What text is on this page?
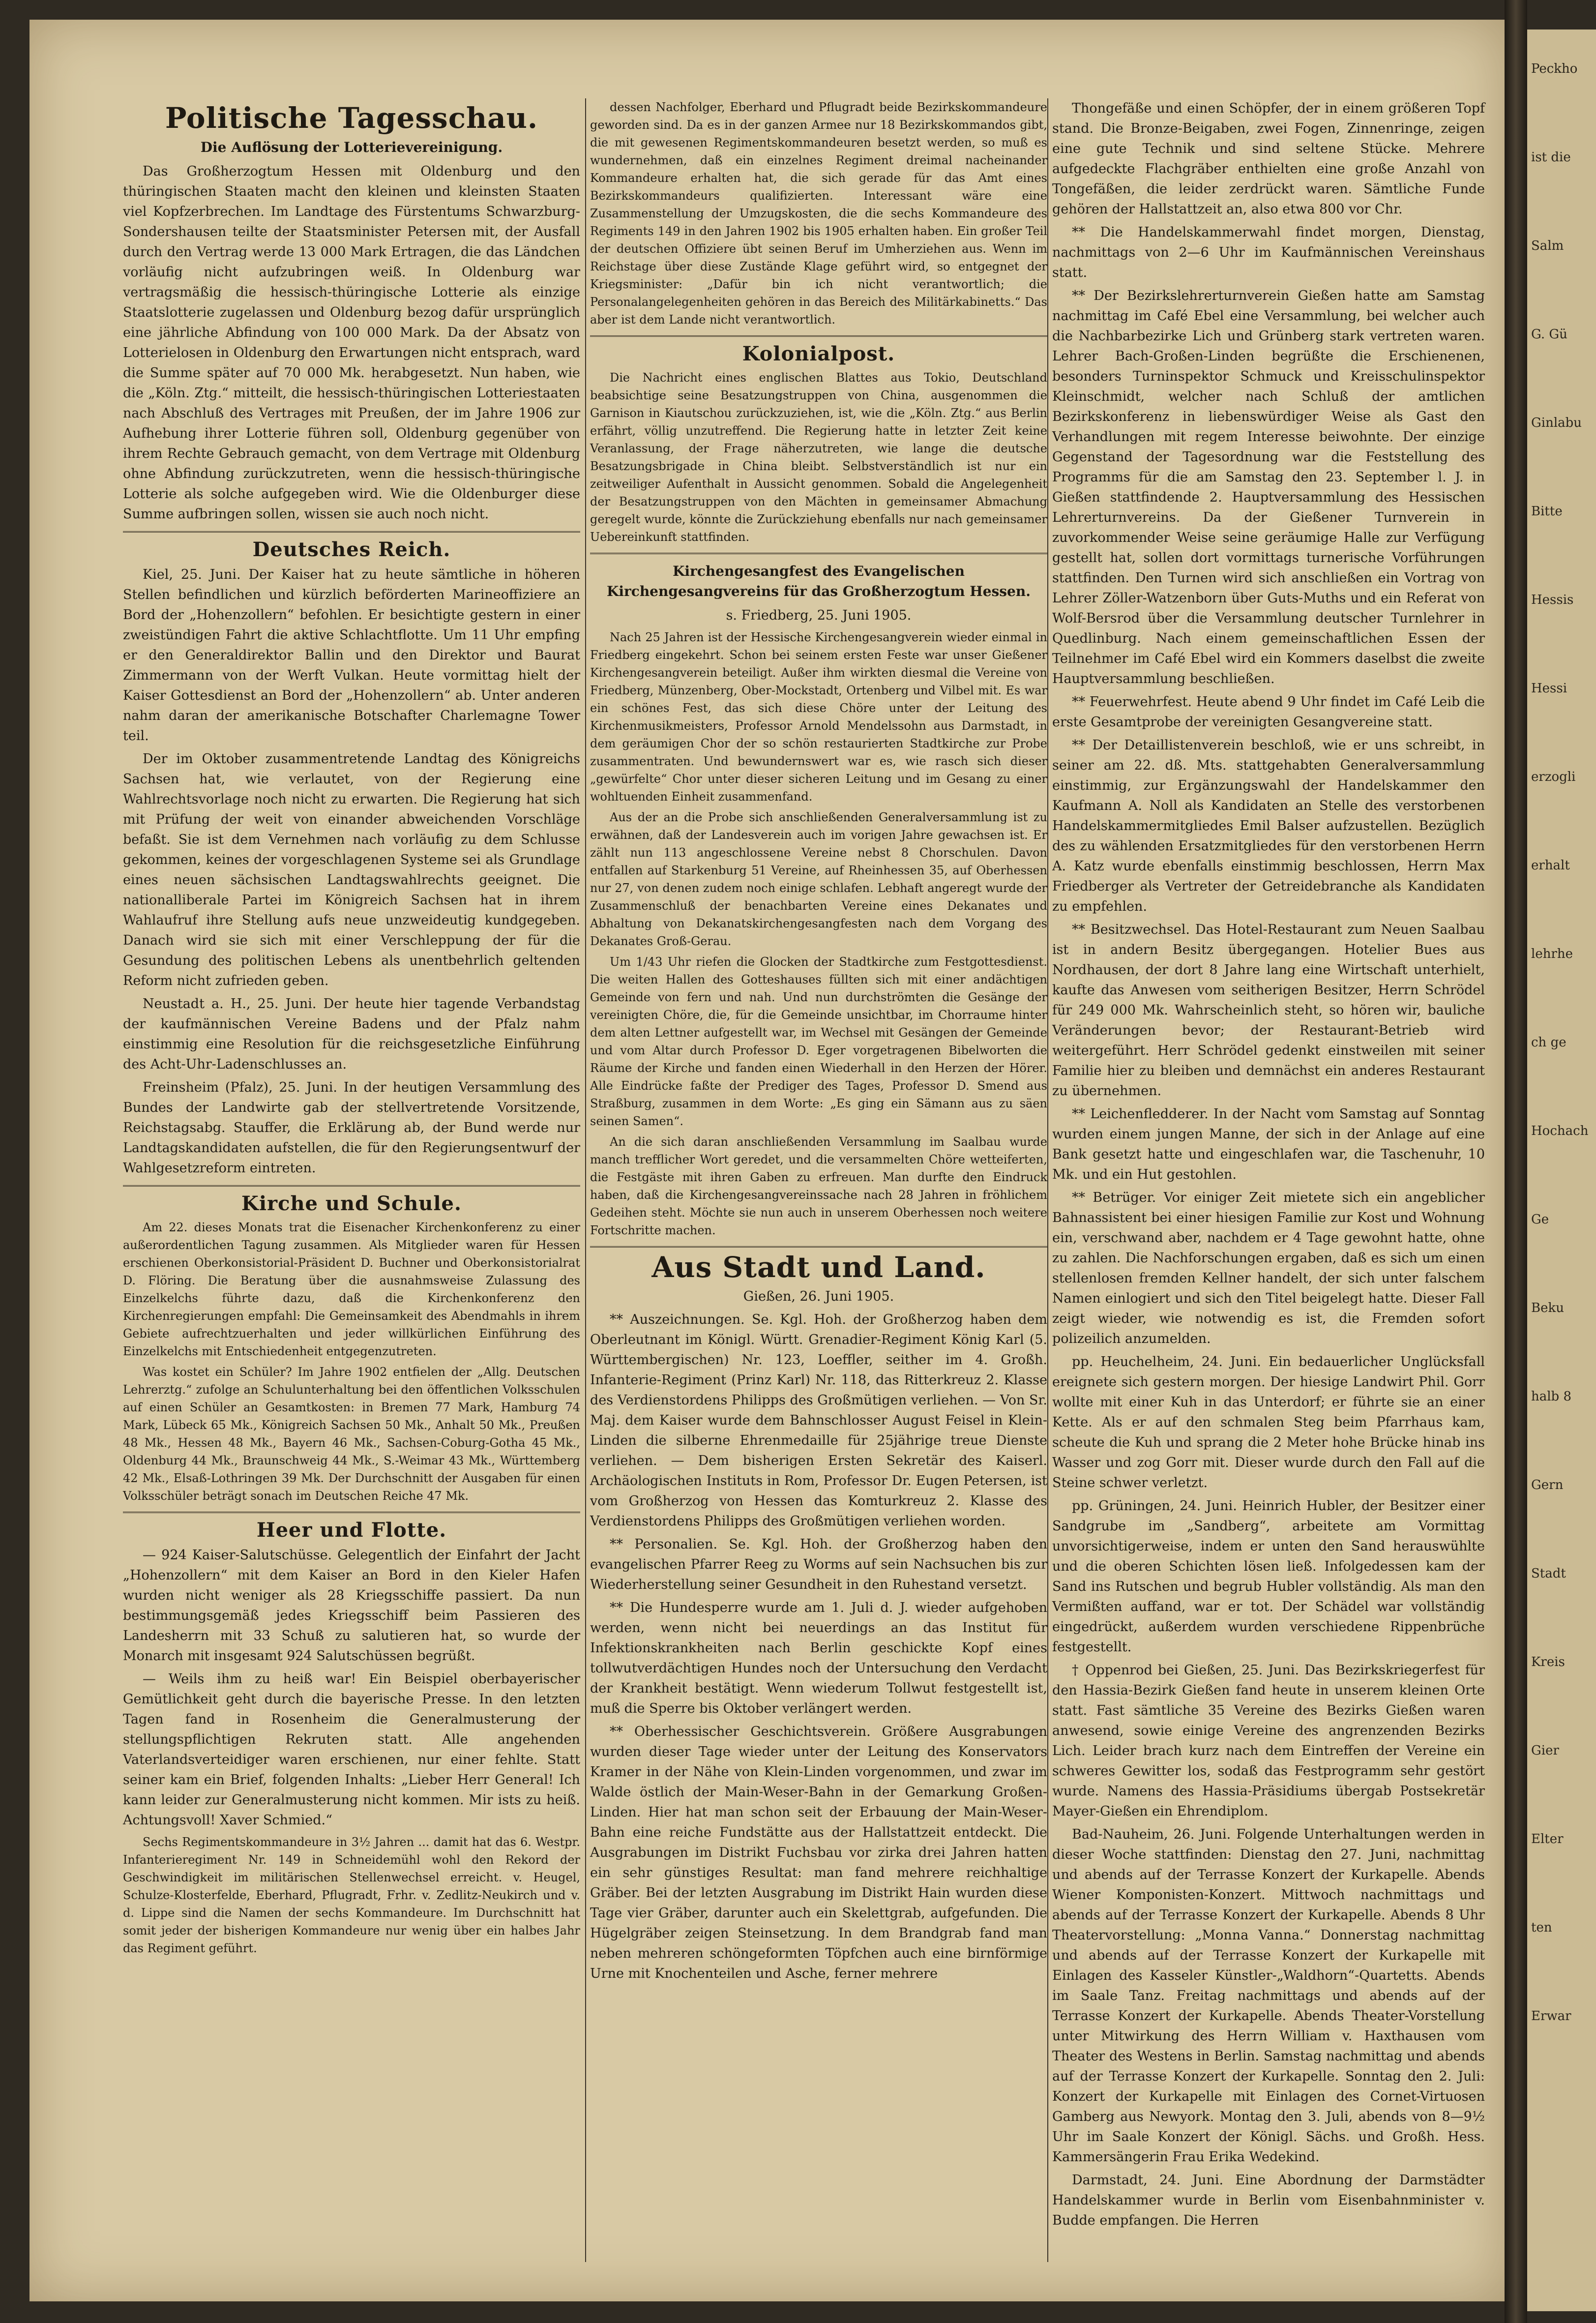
Peckho
ist die
Salm
G. Gü
Ginlabu
Bitte
Hessis
Hessi
erzogli
erhalt
lehrhe
ch ge
Hochach
Ge
Beku
halb 8
Gern
Stadt
Kreis
Gier
Elter
ten
Erwar
Politische Tagesschau.
Die Auflösung der Lotterievereinigung.

Das Großherzogtum Hessen mit Oldenburg und den thüringischen Staaten macht den kleinen und kleinsten Staaten viel Kopfzerbrechen. Im Landtage des Fürstentums Schwarzburg-Sondershausen teilte der Staatsminister Petersen mit, der Ausfall durch den Vertrag werde 13 000 Mark Ertragen, die das Ländchen vorläufig nicht aufzubringen weiß. In Oldenburg war vertragsmäßig die hessisch-thüringische Lotterie als einzige Staatslotterie zugelassen und Oldenburg bezog dafür ursprünglich eine jährliche Abfindung von 100 000 Mark. Da der Absatz von Lotterielosen in Oldenburg den Erwartungen nicht entsprach, ward die Summe später auf 70 000 Mk. herabgesetzt. Nun haben, wie die „Köln. Ztg.“ mitteilt, die hessisch-thüringischen Lotteriestaaten nach Abschluß des Vertrages mit Preußen, der im Jahre 1906 zur Aufhebung ihrer Lotterie führen soll, Oldenburg gegenüber von ihrem Rechte Gebrauch gemacht, von dem Vertrage mit Oldenburg ohne Abfindung zurückzutreten, wenn die hessisch-thüringische Lotterie als solche aufgegeben wird. Wie die Oldenburger diese Summe aufbringen sollen, wissen sie auch noch nicht.

Deutsches Reich.

Kiel, 25. Juni. Der Kaiser hat zu heute sämtliche in höheren Stellen befindlichen und kürzlich beförderten Marineoffiziere an Bord der „Hohenzollern“ befohlen. Er besichtigte gestern in einer zweistündigen Fahrt die aktive Schlachtflotte. Um 11 Uhr empfing er den Generaldirektor Ballin und den Direktor und Baurat Zimmermann von der Werft Vulkan. Heute vormittag hielt der Kaiser Gottesdienst an Bord der „Hohenzollern“ ab. Unter anderen nahm daran der amerikanische Botschafter Charlemagne Tower teil.

Der im Oktober zusammentretende Landtag des Königreichs Sachsen hat, wie verlautet, von der Regierung eine Wahlrechtsvorlage noch nicht zu erwarten. Die Regierung hat sich mit Prüfung der weit von einander abweichenden Vorschläge befaßt. Sie ist dem Vernehmen nach vorläufig zu dem Schlusse gekommen, keines der vorgeschlagenen Systeme sei als Grundlage eines neuen sächsischen Landtagswahlrechts geeignet. Die nationalliberale Partei im Königreich Sachsen hat in ihrem Wahlaufruf ihre Stellung aufs neue unzweideutig kundgegeben. Danach wird sie sich mit einer Verschleppung der für die Gesundung des politischen Lebens als unentbehrlich geltenden Reform nicht zufrieden geben.

Neustadt a. H., 25. Juni. Der heute hier tagende Verbandstag der kaufmännischen Vereine Badens und der Pfalz nahm einstimmig eine Resolution für die reichsgesetzliche Einführung des Acht-Uhr-Ladenschlusses an.

Freinsheim (Pfalz), 25. Juni. In der heutigen Versammlung des Bundes der Landwirte gab der stellvertretende Vorsitzende, Reichstagsabg. Stauffer, die Erklärung ab, der Bund werde nur Landtagskandidaten aufstellen, die für den Regierungsentwurf der Wahlgesetzreform eintreten.

Kirche und Schule.

Am 22. dieses Monats trat die Eisenacher Kirchenkonferenz zu einer außerordentlichen Tagung zusammen. Als Mitglieder waren für Hessen erschienen Oberkonsistorial-Präsident D. Buchner und Oberkonsistorialrat D. Flöring. Die Beratung über die ausnahmsweise Zulassung des Einzelkelchs führte dazu, daß die Kirchenkonferenz den Kirchenregierungen empfahl: Die Gemeinsamkeit des Abendmahls in ihrem Gebiete aufrechtzuerhalten und jeder willkürlichen Einführung des Einzelkelchs mit Entschiedenheit entgegenzutreten.

Was kostet ein Schüler? Im Jahre 1902 entfielen der „Allg. Deutschen Lehrerztg.“ zufolge an Schulunterhaltung bei den öffentlichen Volksschulen auf einen Schüler an Gesamtkosten: in Bremen 77 Mark, Hamburg 74 Mark, Lübeck 65 Mk., Königreich Sachsen 50 Mk., Anhalt 50 Mk., Preußen 48 Mk., Hessen 48 Mk., Bayern 46 Mk., Sachsen-Coburg-Gotha 45 Mk., Oldenburg 44 Mk., Braunschweig 44 Mk., S.-Weimar 43 Mk., Württemberg 42 Mk., Elsaß-Lothringen 39 Mk. Der Durchschnitt der Ausgaben für einen Volksschüler beträgt sonach im Deutschen Reiche 47 Mk.

Heer und Flotte.

— 924 Kaiser-Salutschüsse. Gelegentlich der Einfahrt der Jacht „Hohenzollern“ mit dem Kaiser an Bord in den Kieler Hafen wurden nicht weniger als 28 Kriegsschiffe passiert. Da nun bestimmungsgemäß jedes Kriegsschiff beim Passieren des Landesherrn mit 33 Schuß zu salutieren hat, so wurde der Monarch mit insgesamt 924 Salutschüssen begrüßt.

— Weils ihm zu heiß war! Ein Beispiel oberbayerischer Gemütlichkeit geht durch die bayerische Presse. In den letzten Tagen fand in Rosenheim die Generalmusterung der stellungspflichtigen Rekruten statt. Alle angehenden Vaterlandsverteidiger waren erschienen, nur einer fehlte. Statt seiner kam ein Brief, folgenden Inhalts: „Lieber Herr General! Ich kann leider zur Generalmusterung nicht kommen. Mir ists zu heiß. Achtungsvoll! Xaver Schmied.“

Sechs Regimentskommandeure in 3½ Jahren ... damit hat das 6. Westpr. Infanterieregiment Nr. 149 in Schneidemühl wohl den Rekord der Geschwindigkeit im militärischen Stellenwechsel erreicht. v. Heugel, Schulze-Klosterfelde, Eberhard, Pflugradt, Frhr. v. Zedlitz-Neukirch und v. d. Lippe sind die Namen der sechs Kommandeure. Im Durchschnitt hat somit jeder der bisherigen Kommandeure nur wenig über ein halbes Jahr das Regiment geführt.

dessen Nachfolger, Eberhard und Pflugradt beide Bezirkskommandeure geworden sind. Da es in der ganzen Armee nur 18 Bezirkskommandos gibt, die mit gewesenen Regimentskommandeuren besetzt werden, so muß es wundernehmen, daß ein einzelnes Regiment dreimal nacheinander Kommandeure erhalten hat, die sich gerade für das Amt eines Bezirkskommandeurs qualifizierten. Interessant wäre eine Zusammenstellung der Umzugskosten, die die sechs Kommandeure des Regiments 149 in den Jahren 1902 bis 1905 erhalten haben. Ein großer Teil der deutschen Offiziere übt seinen Beruf im Umherziehen aus. Wenn im Reichstage über diese Zustände Klage geführt wird, so entgegnet der Kriegsminister: „Dafür bin ich nicht verantwortlich; die Personalangelegenheiten gehören in das Bereich des Militärkabinetts.“ Das aber ist dem Lande nicht verantwortlich.

Kolonialpost.

Die Nachricht eines englischen Blattes aus Tokio, Deutschland beabsichtige seine Besatzungstruppen von China, ausgenommen die Garnison in Kiautschou zurückzuziehen, ist, wie die „Köln. Ztg.“ aus Berlin erfährt, völlig unzutreffend. Die Regierung hatte in letzter Zeit keine Veranlassung, der Frage näherzutreten, wie lange die deutsche Besatzungsbrigade in China bleibt. Selbstverständlich ist nur ein zeitweiliger Aufenthalt in Aussicht genommen. Sobald die Angelegenheit der Besatzungstruppen von den Mächten in gemeinsamer Abmachung geregelt wurde, könnte die Zurückziehung ebenfalls nur nach gemeinsamer Uebereinkunft stattfinden.

Kirchengesangfest des Evangelischen Kirchengesangvereins für das Großherzogtum Hessen.
s. Friedberg, 25. Juni 1905.

Nach 25 Jahren ist der Hessische Kirchengesangverein wieder einmal in Friedberg eingekehrt. Schon bei seinem ersten Feste war unser Gießener Kirchengesangverein beteiligt. Außer ihm wirkten diesmal die Vereine von Friedberg, Münzenberg, Ober-Mockstadt, Ortenberg und Vilbel mit. Es war ein schönes Fest, das sich diese Chöre unter der Leitung des Kirchenmusikmeisters, Professor Arnold Mendelssohn aus Darmstadt, in dem geräumigen Chor der so schön restaurierten Stadtkirche zur Probe zusammentraten. Und bewundernswert war es, wie rasch sich dieser „gewürfelte“ Chor unter dieser sicheren Leitung und im Gesang zu einer wohltuenden Einheit zusammenfand.

Aus der an die Probe sich anschließenden Generalversammlung ist zu erwähnen, daß der Landesverein auch im vorigen Jahre gewachsen ist. Er zählt nun 113 angeschlossene Vereine nebst 8 Chorschulen. Davon entfallen auf Starkenburg 51 Vereine, auf Rheinhessen 35, auf Oberhessen nur 27, von denen zudem noch einige schlafen. Lebhaft angeregt wurde der Zusammenschluß der benachbarten Vereine eines Dekanates und Abhaltung von Dekanatskirchengesangfesten nach dem Vorgang des Dekanates Groß-Gerau.

Um 1/43 Uhr riefen die Glocken der Stadtkirche zum Festgottesdienst. Die weiten Hallen des Gotteshauses füllten sich mit einer andächtigen Gemeinde von fern und nah. Und nun durchströmten die Gesänge der vereinigten Chöre, die, für die Gemeinde unsichtbar, im Chorraume hinter dem alten Lettner aufgestellt war, im Wechsel mit Gesängen der Gemeinde und vom Altar durch Professor D. Eger vorgetragenen Bibelworten die Räume der Kirche und fanden einen Wiederhall in den Herzen der Hörer. Alle Eindrücke faßte der Prediger des Tages, Professor D. Smend aus Straßburg, zusammen in dem Worte: „Es ging ein Sämann aus zu säen seinen Samen“.

An die sich daran anschließenden Versammlung im Saalbau wurde manch trefflicher Wort geredet, und die versammelten Chöre wetteiferten, die Festgäste mit ihren Gaben zu erfreuen. Man durfte den Eindruck haben, daß die Kirchengesangvereinssache nach 28 Jahren in fröhlichem Gedeihen steht. Möchte sie nun auch in unserem Oberhessen noch weitere Fortschritte machen.

Aus Stadt und Land.
Gießen, 26. Juni 1905.

** Auszeichnungen. Se. Kgl. Hoh. der Großherzog haben dem Oberleutnant im Königl. Württ. Grenadier-Regiment König Karl (5. Württembergischen) Nr. 123, Loeffler, seither im 4. Großh. Infanterie-Regiment (Prinz Karl) Nr. 118, das Ritterkreuz 2. Klasse des Verdienstordens Philipps des Großmütigen verliehen. — Von Sr. Maj. dem Kaiser wurde dem Bahnschlosser August Feisel in Klein-Linden die silberne Ehrenmedaille für 25jährige treue Dienste verliehen. — Dem bisherigen Ersten Sekretär des Kaiserl. Archäologischen Instituts in Rom, Professor Dr. Eugen Petersen, ist vom Großherzog von Hessen das Komturkreuz 2. Klasse des Verdienstordens Philipps des Großmütigen verliehen worden.

** Personalien. Se. Kgl. Hoh. der Großherzog haben den evangelischen Pfarrer Reeg zu Worms auf sein Nachsuchen bis zur Wiederherstellung seiner Gesundheit in den Ruhestand versetzt.

** Die Hundesperre wurde am 1. Juli d. J. wieder aufgehoben werden, wenn nicht bei neuerdings an das Institut für Infektionskrankheiten nach Berlin geschickte Kopf eines tollwutverdächtigen Hundes noch der Untersuchung den Verdacht der Krankheit bestätigt. Wenn wiederum Tollwut festgestellt ist, muß die Sperre bis Oktober verlängert werden.

** Oberhessischer Geschichtsverein. Größere Ausgrabungen wurden dieser Tage wieder unter der Leitung des Konservators Kramer in der Nähe von Klein-Linden vorgenommen, und zwar im Walde östlich der Main-Weser-Bahn in der Gemarkung Großen-Linden. Hier hat man schon seit der Erbauung der Main-Weser-Bahn eine reiche Fundstätte aus der Hallstattzeit entdeckt. Die Ausgrabungen im Distrikt Fuchsbau vor zirka drei Jahren hatten ein sehr günstiges Resultat: man fand mehrere reichhaltige Gräber. Bei der letzten Ausgrabung im Distrikt Hain wurden diese Tage vier Gräber, darunter auch ein Skelettgrab, aufgefunden. Die Hügelgräber zeigen Steinsetzung. In dem Brandgrab fand man neben mehreren schöngeformten Töpfchen auch eine birnförmige Urne mit Knochenteilen und Asche, ferner mehrere

Thongefäße und einen Schöpfer, der in einem größeren Topf stand. Die Bronze-Beigaben, zwei Fogen, Zinnenringe, zeigen eine gute Technik und sind seltene Stücke. Mehrere aufgedeckte Flachgräber enthielten eine große Anzahl von Tongefäßen, die leider zerdrückt waren. Sämtliche Funde gehören der Hallstattzeit an, also etwa 800 vor Chr.

** Die Handelskammerwahl findet morgen, Dienstag, nachmittags von 2—6 Uhr im Kaufmännischen Vereinshaus statt.

** Der Bezirkslehrerturnverein Gießen hatte am Samstag nachmittag im Café Ebel eine Versammlung, bei welcher auch die Nachbarbezirke Lich und Grünberg stark vertreten waren. Lehrer Bach-Großen-Linden begrüßte die Erschienenen, besonders Turninspektor Schmuck und Kreisschulinspektor Kleinschmidt, welcher nach Schluß der amtlichen Bezirkskonferenz in liebenswürdiger Weise als Gast den Verhandlungen mit regem Interesse beiwohnte. Der einzige Gegenstand der Tagesordnung war die Feststellung des Programms für die am Samstag den 23. September l. J. in Gießen stattfindende 2. Hauptversammlung des Hessischen Lehrerturnvereins. Da der Gießener Turnverein in zuvorkommender Weise seine geräumige Halle zur Verfügung gestellt hat, sollen dort vormittags turnerische Vorführungen stattfinden. Den Turnen wird sich anschließen ein Vortrag von Lehrer Zöller-Watzenborn über Guts-Muths und ein Referat von Wolf-Bersrod über die Versammlung deutscher Turnlehrer in Quedlinburg. Nach einem gemeinschaftlichen Essen der Teilnehmer im Café Ebel wird ein Kommers daselbst die zweite Hauptversammlung beschließen.

** Feuerwehrfest. Heute abend 9 Uhr findet im Café Leib die erste Gesamtprobe der vereinigten Gesangvereine statt.

** Der Detaillistenverein beschloß, wie er uns schreibt, in seiner am 22. dß. Mts. stattgehabten Generalversammlung einstimmig, zur Ergänzungswahl der Handelskammer den Kaufmann A. Noll als Kandidaten an Stelle des verstorbenen Handelskammermitgliedes Emil Balser aufzustellen. Bezüglich des zu wählenden Ersatzmitgliedes für den verstorbenen Herrn A. Katz wurde ebenfalls einstimmig beschlossen, Herrn Max Friedberger als Vertreter der Getreidebranche als Kandidaten zu empfehlen.

** Besitzwechsel. Das Hotel-Restaurant zum Neuen Saalbau ist in andern Besitz übergegangen. Hotelier Bues aus Nordhausen, der dort 8 Jahre lang eine Wirtschaft unterhielt, kaufte das Anwesen vom seitherigen Besitzer, Herrn Schrödel für 249 000 Mk. Wahrscheinlich steht, so hören wir, bauliche Veränderungen bevor; der Restaurant-Betrieb wird weitergeführt. Herr Schrödel gedenkt einstweilen mit seiner Familie hier zu bleiben und demnächst ein anderes Restaurant zu übernehmen.

** Leichenfledderer. In der Nacht vom Samstag auf Sonntag wurden einem jungen Manne, der sich in der Anlage auf eine Bank gesetzt hatte und eingeschlafen war, die Taschenuhr, 10 Mk. und ein Hut gestohlen.

** Betrüger. Vor einiger Zeit mietete sich ein angeblicher Bahnassistent bei einer hiesigen Familie zur Kost und Wohnung ein, verschwand aber, nachdem er 4 Tage gewohnt hatte, ohne zu zahlen. Die Nachforschungen ergaben, daß es sich um einen stellenlosen fremden Kellner handelt, der sich unter falschem Namen einlogiert und sich den Titel beigelegt hatte. Dieser Fall zeigt wieder, wie notwendig es ist, die Fremden sofort polizeilich anzumelden.

pp. Heuchelheim, 24. Juni. Ein bedauerlicher Unglücksfall ereignete sich gestern morgen. Der hiesige Landwirt Phil. Gorr wollte mit einer Kuh in das Unterdorf; er führte sie an einer Kette. Als er auf den schmalen Steg beim Pfarrhaus kam, scheute die Kuh und sprang die 2 Meter hohe Brücke hinab ins Wasser und zog Gorr mit. Dieser wurde durch den Fall auf die Steine schwer verletzt.

pp. Grüningen, 24. Juni. Heinrich Hubler, der Besitzer einer Sandgrube im „Sandberg“, arbeitete am Vormittag unvorsichtigerweise, indem er unten den Sand herauswühlte und die oberen Schichten lösen ließ. Infolgedessen kam der Sand ins Rutschen und begrub Hubler vollständig. Als man den Vermißten auffand, war er tot. Der Schädel war vollständig eingedrückt, außerdem wurden verschiedene Rippenbrüche festgestellt.

† Oppenrod bei Gießen, 25. Juni. Das Bezirkskriegerfest für den Hassia-Bezirk Gießen fand heute in unserem kleinen Orte statt. Fast sämtliche 35 Vereine des Bezirks Gießen waren anwesend, sowie einige Vereine des angrenzenden Bezirks Lich. Leider brach kurz nach dem Eintreffen der Vereine ein schweres Gewitter los, sodaß das Festprogramm sehr gestört wurde. Namens des Hassia-Präsidiums übergab Postsekretär Mayer-Gießen ein Ehrendiplom.

Bad-Nauheim, 26. Juni. Folgende Unterhaltungen werden in dieser Woche stattfinden: Dienstag den 27. Juni, nachmittag und abends auf der Terrasse Konzert der Kurkapelle. Abends Wiener Komponisten-Konzert. Mittwoch nachmittags und abends auf der Terrasse Konzert der Kurkapelle. Abends 8 Uhr Theatervorstellung: „Monna Vanna.“ Donnerstag nachmittag und abends auf der Terrasse Konzert der Kurkapelle mit Einlagen des Kasseler Künstler-„Waldhorn“-Quartetts. Abends im Saale Tanz. Freitag nachmittags und abends auf der Terrasse Konzert der Kurkapelle. Abends Theater-Vorstellung unter Mitwirkung des Herrn William v. Haxthausen vom Theater des Westens in Berlin. Samstag nachmittag und abends auf der Terrasse Konzert der Kurkapelle. Sonntag den 2. Juli: Konzert der Kurkapelle mit Einlagen des Cornet-Virtuosen Gamberg aus Newyork. Montag den 3. Juli, abends von 8—9½ Uhr im Saale Konzert der Königl. Sächs. und Großh. Hess. Kammersängerin Frau Erika Wedekind.

Darmstadt, 24. Juni. Eine Abordnung der Darmstädter Handelskammer wurde in Berlin vom Eisenbahnminister v. Budde empfangen. Die Herren
